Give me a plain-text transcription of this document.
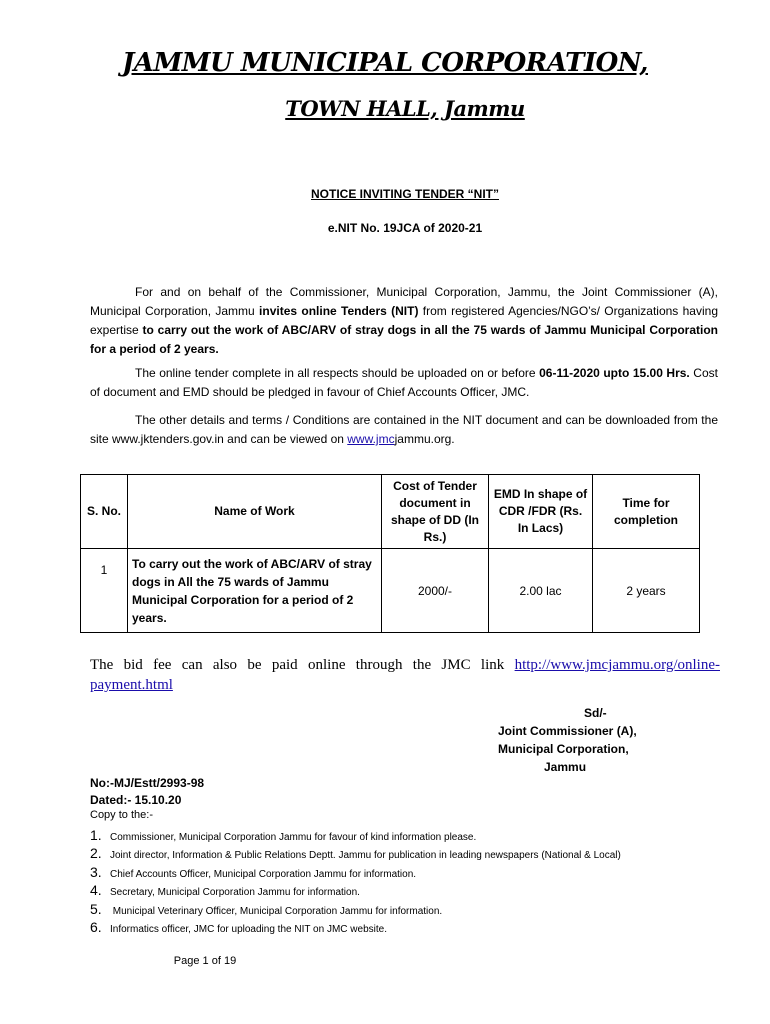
JAMMU MUNICIPAL CORPORATION,
TOWN HALL, Jammu
NOTICE INVITING TENDER “NIT”
e.NIT No. 19JCA of 2020-21
For and on behalf of the Commissioner, Municipal Corporation, Jammu, the Joint Commissioner (A), Municipal Corporation, Jammu invites online Tenders (NIT) from registered Agencies/NGO’s/ Organizations having expertise to carry out the work of ABC/ARV of stray dogs in all the 75 wards of Jammu Municipal Corporation for a period of 2 years.
The online tender complete in all respects should be uploaded on or before 06-11-2020 upto 15.00 Hrs. Cost of document and EMD should be pledged in favour of Chief Accounts Officer, JMC.
The other details and terms / Conditions are contained in the NIT document and can be downloaded from the site www.jktenders.gov.in and can be viewed on www.jmcjammu.org.
S. No.	Name of Work	Cost of Tender document in shape of DD (In Rs.)	EMD In shape of CDR /FDR (Rs. In Lacs)	Time for completion
1	To carry out the work of ABC/ARV of stray dogs in All the 75 wards of Jammu Municipal Corporation for a period of 2 years.	2000/-	2.00 lac	2 years
The bid fee can also be paid online through the JMC link http://www.jmcjammu.org/online-payment.html
Sd/-
Joint Commissioner (A),
Municipal Corporation,
Jammu
No:-MJ/Estt/2993-98
Dated:- 15.10.20
Copy to the:-
1. Commissioner, Municipal Corporation Jammu for favour of kind information please.
2. Joint director, Information & Public Relations Deptt. Jammu for publication in leading newspapers (National & Local)
3. Chief Accounts Officer, Municipal Corporation Jammu for information.
4. Secretary, Municipal Corporation Jammu for information.
5. Municipal Veterinary Officer, Municipal Corporation Jammu for information.
6. Informatics officer, JMC for uploading the NIT on JMC website.
Page 1 of 19
